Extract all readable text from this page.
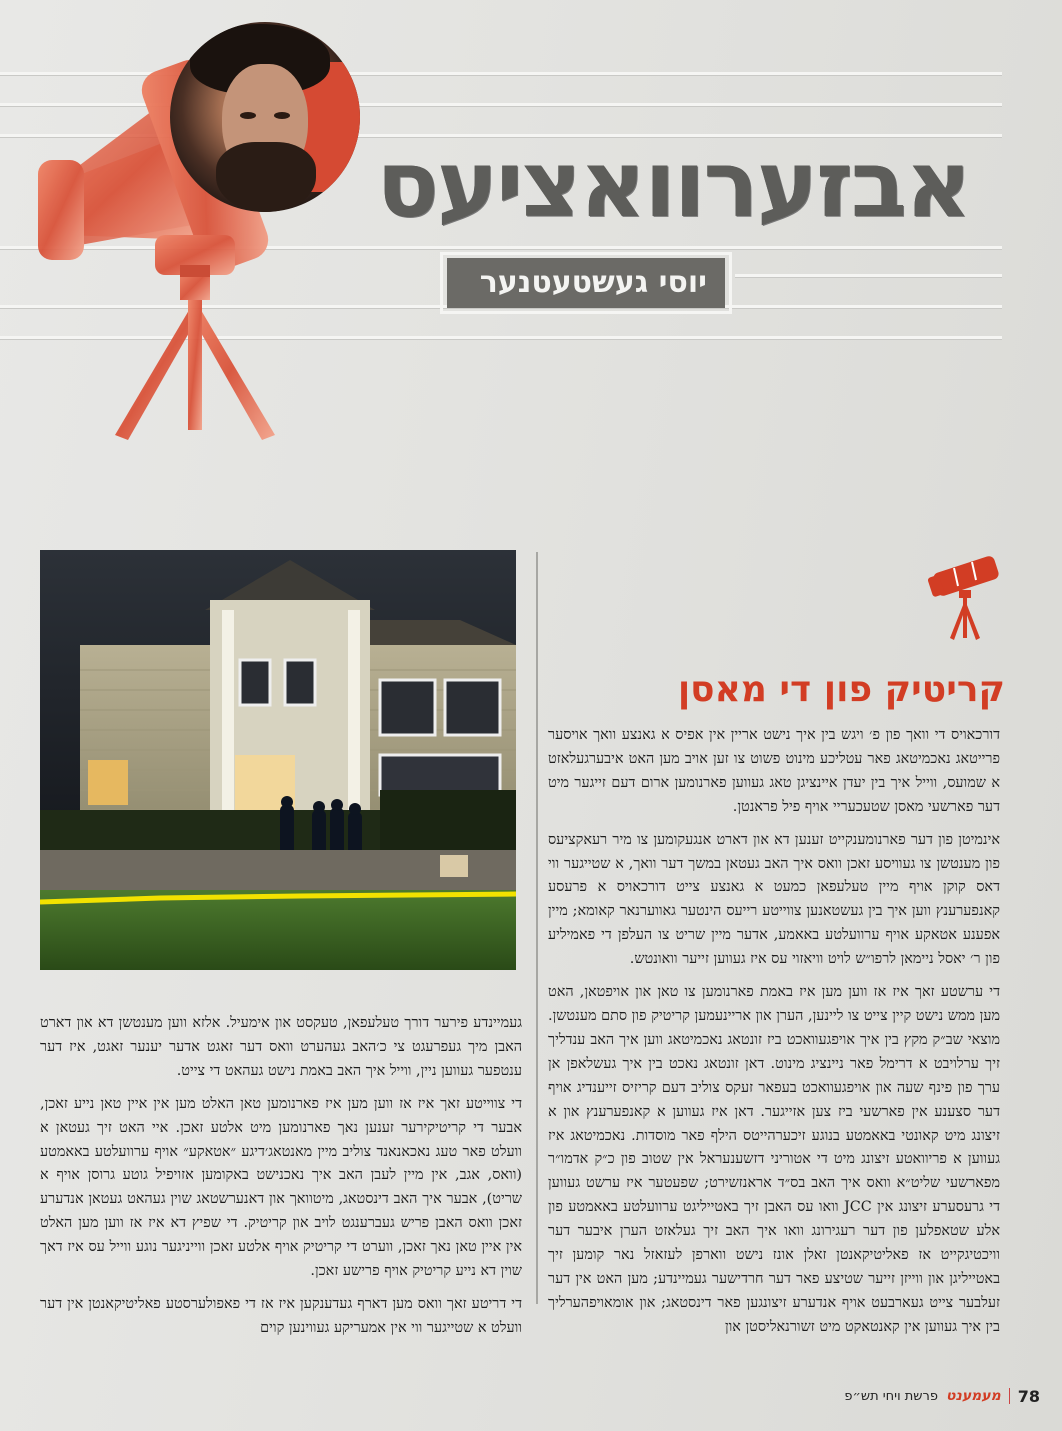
אבזערוואציעס
יוסי געשטעטנער
קריטיק פון די מאסן

דורכאויס די וואך פון פ׳ ויגש בין איך נישט אריין אין אפיס א גאנצע וואך אויסער פרייטאג נאכמיטאג פאר עטליכע מינוט פשוט צו זען אויב מען האט איבערגעלאזט א שמועס, ווייל איך בין יעדן איינציגן טאג געווען פארנומען ארום דעם זייגער מיט דער פארשעי מאסן שטעכעריי אויף פיל פראנטן.

אינמיטן פון דער פארנומענקייט זענען דא און דארט אנגעקומען צו מיר רעאקציעס פון מענטשן צו געוויסע זאכן וואס איך האב געטאן במשך דער וואך, א שטייגער ווי דאס קוקן אויף מיין טעלעפאן כמעט א גאנצע צייט דורכאויס א פרעסע קאנפערענץ ווען איך בין געשטאנען צווייטע רייעס הינטער גאווערנאר קאומא; מיין אפענע אטאקע אויף ערוועלטע באאמע, אדער מיין שריט צו העלפן די פאמיליע פון ר׳ יאסל ניימאן לרפו״ש לויט וויאזוי עס איז געווען זייער וואונטש.

די ערשטע זאך איז אז ווען מען איז באמת פארנומען צו טאן און אויפטאן, האט מען ממש נישט קיין צייט צו ליינען, הערן און אריינעמען קריטיק פון סתם מענטשן. מוצאי שב״ק מקץ בין איך אויפגעוואכט ביז זונטאג נאכמיטאג ווען איך האב ענדליך זיך ערלויבט א דרימל פאר ניינציג מינוט. דאן זונטאג נאכט בין איך געשלאפן אן ערך פון פינף שעה און אויפגעוואכט בעפאר זעקס צוליב דעם קריזיס זייענדיג אויף דער סצענע אין פארשעי ביז צען אזייגער. דאן איז געווען א קאנפערענץ און א זיצונג מיט קאונטי באאמטע בנוגע זיכערהייטס הילף פאר מוסדות. נאכמיטאג איז געווען א פריוואטע זיצונג מיט די אטוריני דזשענעראל אין שטוב פון כ״ק אדמו״ר מפארשעי שליט״א וואס איך האב בס״ד אראנזשירט; שפעטער איז ערשט געווען די גרעסערע זיצונג אין JCC וואו עס האבן זיך באטייליגט ערוועלטע באאמטע פון אלע שטאפלען פון דער רעגירונג וואו איך האב זיך געלאזט הערן איבער דער וויכטיגקייט אז פאליטיקאנטן זאלן אונז נישט ווארפן לעזאזל נאר קומען זיך באטייליגן און ווייזן זייער שטיצע פאר דער חרדישער געמיינדע; מען האט אין דער זעלבער צייט געארבעט אויף אנדערע זיצונגען פאר דינסטאג; און אומאויפהערליך בין איך געווען אין קאנטאקט מיט זשורנאליסטן און

געמיינדע פירער דורך טעלעפאן, טעקסט און אימעיל. אלזא ווען מענטשן דא און דארט האבן מיך געפרעגט צי כ׳האב געהערט וואס דער זאגט אדער יענער זאגט, איז דער ענטפער געווען ניין, ווייל איך האב באמת נישט געהאט די צייט.

די צווייטע זאך איז אז ווען מען איז פארנומען טאן האלט מען אין איין טאן נייע זאכן, אבער די קריטיקירער זענען נאך פארנומען מיט אלטע זאכן. איי האט זיך געטאן א וועלט פאר טעג נאכאנאנד צוליב מיין מאנטאג׳דיגע ״אטאקע״ אויף ערוועלטע באאמטע (וואס, אגב, אין מיין לעבן האב איך נאכנישט באקומען אזויפיל גוטע גרוסן אויף א שריט), אבער איך האב דינסטאג, מיטוואך און דאנערשטאג שוין געהאט געטאן אנדערע זאכן וואס האבן פריש געברענגט לויב און קריטיק. די שפיץ דא איז אז ווען מען האלט אין איין טאן נאך זאכן, ווערט די קריטיק אויף אלטע זאכן ווייניגער נוגע ווייל עס איז דאך שוין דא נייע קריטיק אויף פרישע זאכן.

די דריטע זאך וואס מען דארף געדענקען איז אז די פאפולערסטע פאליטיקאנטן אין דער וועלט א שטייגער ווי אין אמעריקע געווינען קוים

78
מעמענט
פרשת ויחי תש״פ
